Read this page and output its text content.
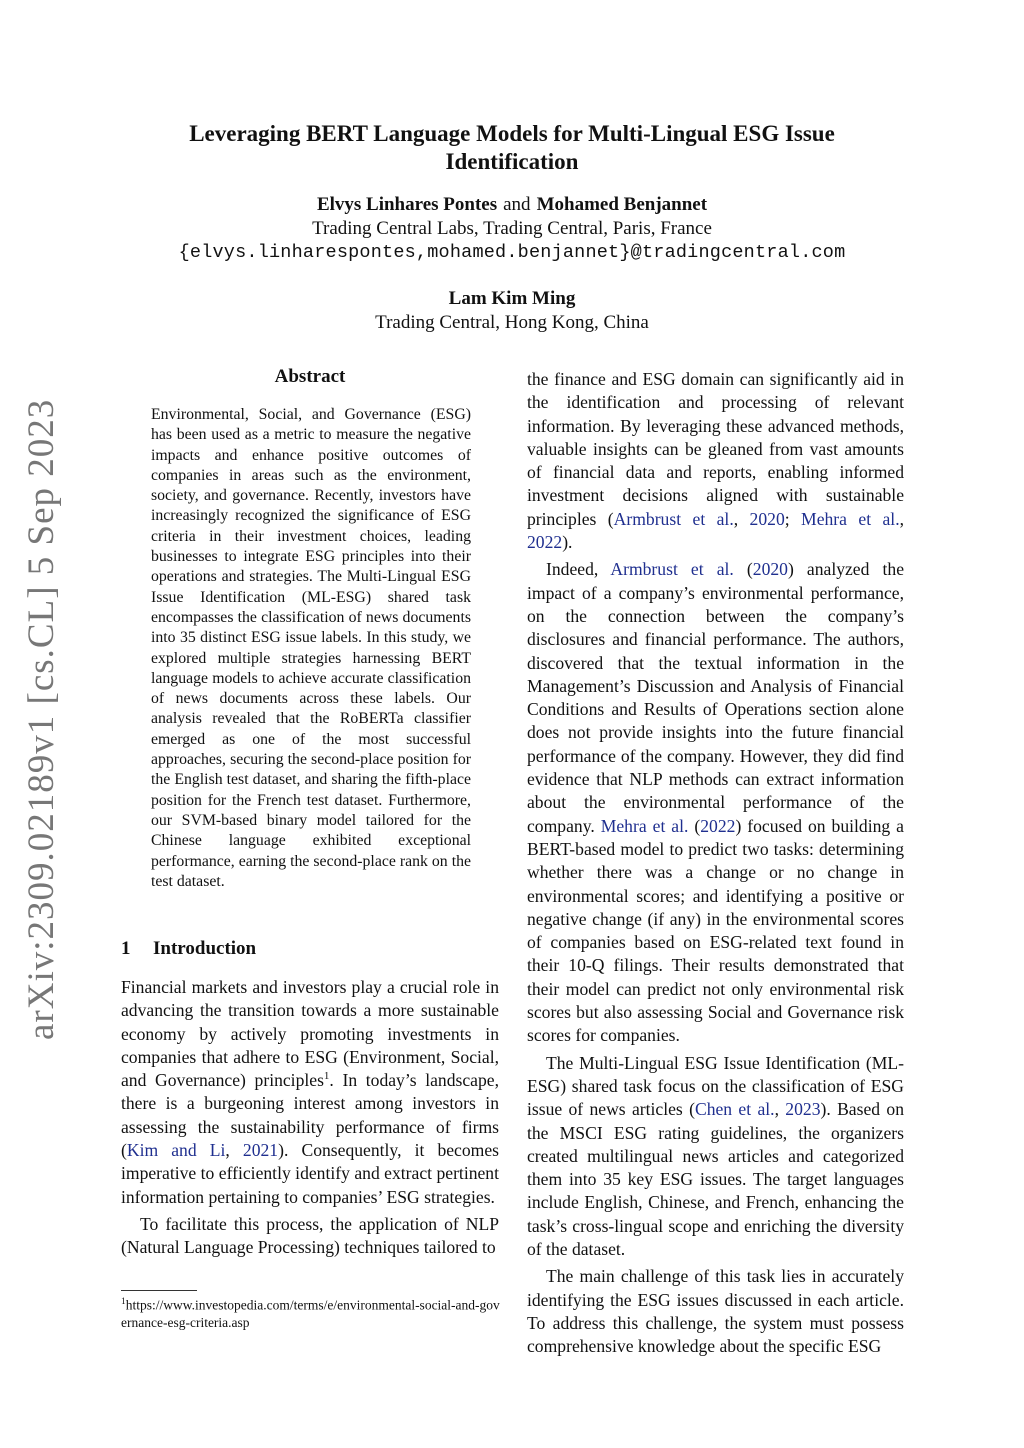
Leveraging BERT Language Models for Multi-Lingual ESG Issue Identification
Elvys Linhares Pontes and Mohamed Benjannet
Trading Central Labs, Trading Central, Paris, France
{elvys.linharespontes,mohamed.benjannet}@tradingcentral.com
Lam Kim Ming
Trading Central, Hong Kong, China
arXiv:2309.02189v1 [cs.CL] 5 Sep 2023
Abstract

Environmental, Social, and Governance (ESG) has been used as a metric to measure the negative impacts and enhance positive outcomes of companies in areas such as the environment, society, and governance. Recently, investors have increasingly recognized the significance of ESG criteria in their investment choices, leading businesses to integrate ESG principles into their operations and strategies. The Multi-Lingual ESG Issue Identification (ML-ESG) shared task encompasses the classification of news documents into 35 distinct ESG issue labels. In this study, we explored multiple strategies harnessing BERT language models to achieve accurate classification of news documents across these labels. Our analysis revealed that the RoBERTa classifier emerged as one of the most successful approaches, securing the second-place position for the English test dataset, and sharing the fifth-place position for the French test dataset. Furthermore, our SVM-based binary model tailored for the Chinese language exhibited exceptional performance, earning the second-place rank on the test dataset.

1 Introduction

Financial markets and investors play a crucial role in advancing the transition towards a more sustainable economy by actively promoting investments in companies that adhere to ESG (Environment, Social, and Governance) principles$^1$. In today’s landscape, there is a burgeoning interest among investors in assessing the sustainability performance of firms (Kim and Li, 2021). Consequently, it becomes imperative to efficiently identify and extract pertinent information pertaining to companies’ ESG strategies.

To facilitate this process, the application of NLP (Natural Language Processing) techniques tailored to

the finance and ESG domain can significantly aid in the identification and processing of relevant information. By leveraging these advanced methods, valuable insights can be gleaned from vast amounts of financial data and reports, enabling informed investment decisions aligned with sustainable principles (Armbrust et al., 2020; Mehra et al., 2022).

Indeed, Armbrust et al. (2020) analyzed the impact of a company’s environmental performance, on the connection between the company’s disclosures and financial performance. The authors, discovered that the textual information in the Management’s Discussion and Analysis of Financial Conditions and Results of Operations section alone does not provide insights into the future financial performance of the company. However, they did find evidence that NLP methods can extract information about the environmental performance of the company. Mehra et al. (2022) focused on building a BERT-based model to predict two tasks: determining whether there was a change or no change in environmental scores; and identifying a positive or negative change (if any) in the environmental scores of companies based on ESG-related text found in their 10-Q filings. Their results demonstrated that their model can predict not only environmental risk scores but also assessing Social and Governance risk scores for companies.

The Multi-Lingual ESG Issue Identification (ML-ESG) shared task focus on the classification of ESG issue of news articles (Chen et al., 2023). Based on the MSCI ESG rating guidelines, the organizers created multilingual news articles and categorized them into 35 key ESG issues. The target languages include English, Chinese, and French, enhancing the task’s cross-lingual scope and enriching the diversity of the dataset.

The main challenge of this task lies in accurately identifying the ESG issues discussed in each article. To address this challenge, the system must possess comprehensive knowledge about the specific ESG

$^1$https://www.investopedia.com/terms/e/environmental-social-and-governance-esg-criteria.asp
